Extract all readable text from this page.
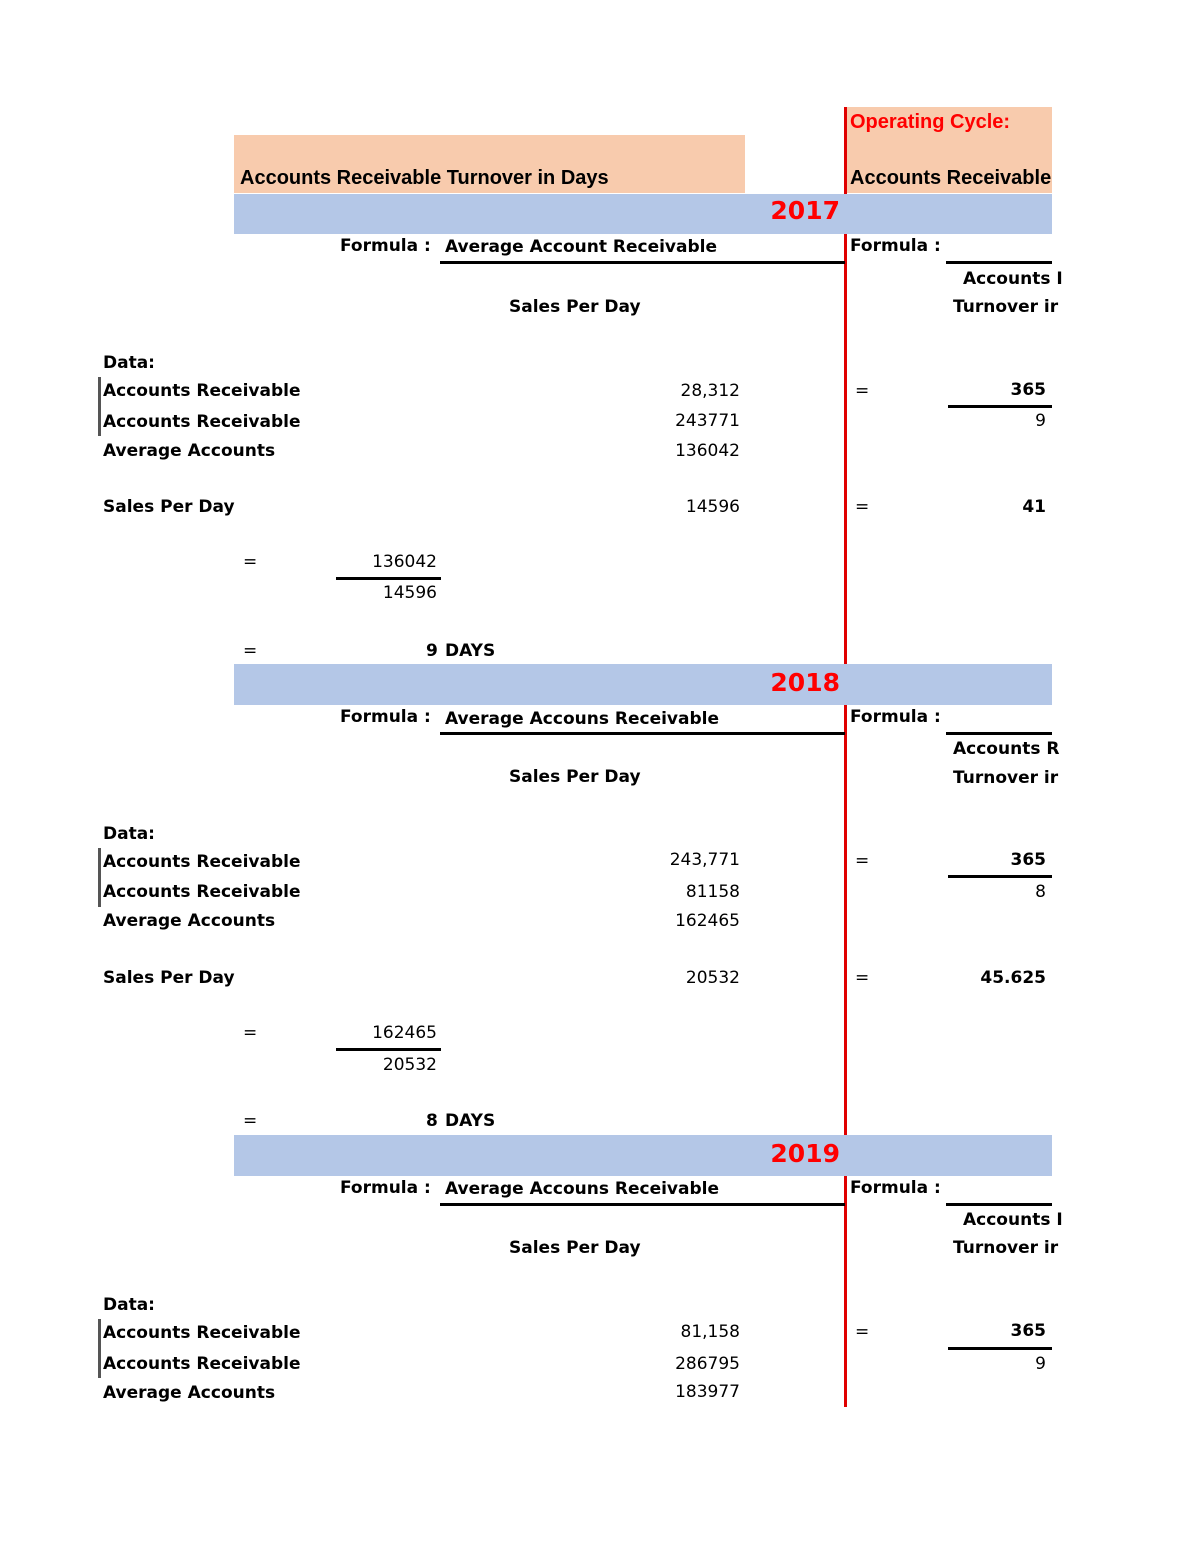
Operating Cycle:
Accounts Receivable Turnover in Days	Accounts Receivable
2017
Formula : Average Account Receivable
Sales Per Day
Data:
Accounts Receivable	28,312
Accounts Receivable	243771
Average Accounts	136042
Sales Per Day	14596
=	136042
14596
=	9 DAYS
Formula :
Accounts I
Turnover ir
=	365
9
=	41
2018
Formula : Average Accouns Receivable
Sales Per Day
Data:
Accounts Receivable	243,771
Accounts Receivable	81158
Average Accounts	162465
Sales Per Day	20532
=	162465
20532
=	8 DAYS
Formula :
Accounts R
Turnover ir
=	365
8
=	45.625
2019
Formula : Average Accouns Receivable
Sales Per Day
Data:
Accounts Receivable	81,158
Accounts Receivable	286795
Average Accounts	183977
Formula :
Accounts I
Turnover ir
=	365
9
